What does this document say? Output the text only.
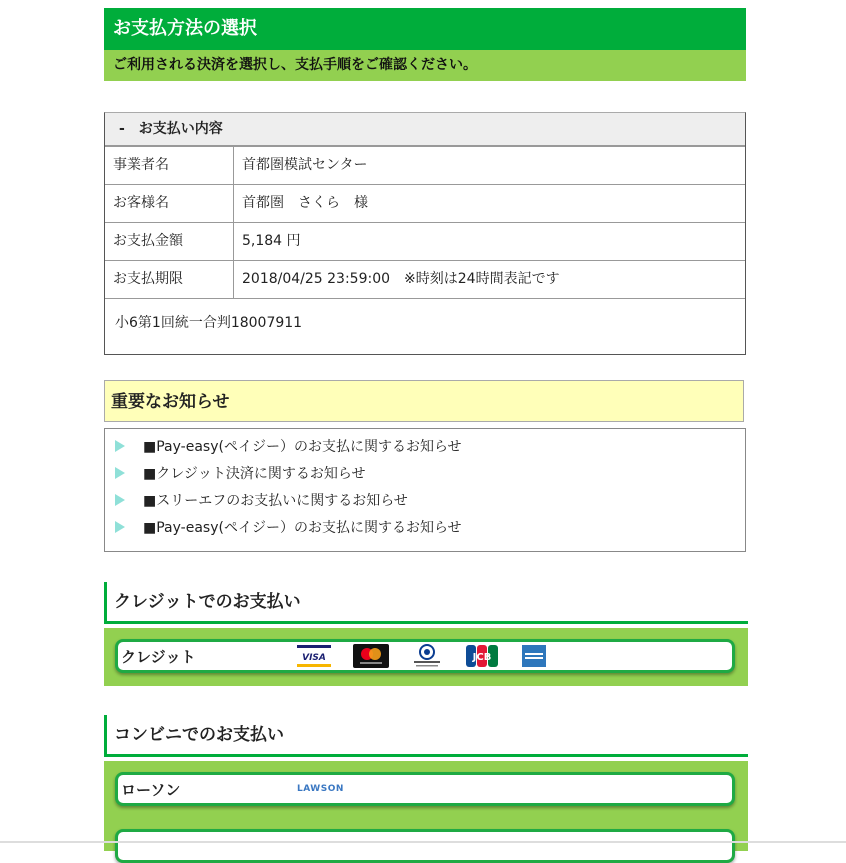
お支払方法の選択
ご利用される決済を選択し、支払手順をご確認ください。
-　お支払い内容
事業者名	首都圏模試センター
お客様名	首都圏　さくら　様
お支払金額	5,184 円
お支払期限	2018/04/25 23:59:00　※時刻は24時間表記です
小6第1回統一合判18007911
重要なお知らせ
■Pay-easy(ペイジー）のお支払に関するお知らせ
■クレジット決済に関するお知らせ
■スリーエフのお支払いに関するお知らせ
■Pay-easy(ペイジー）のお支払に関するお知らせ
クレジットでのお支払い
クレジット	VISA	JCB
コンビニでのお支払い
ローソン	LAWSON
